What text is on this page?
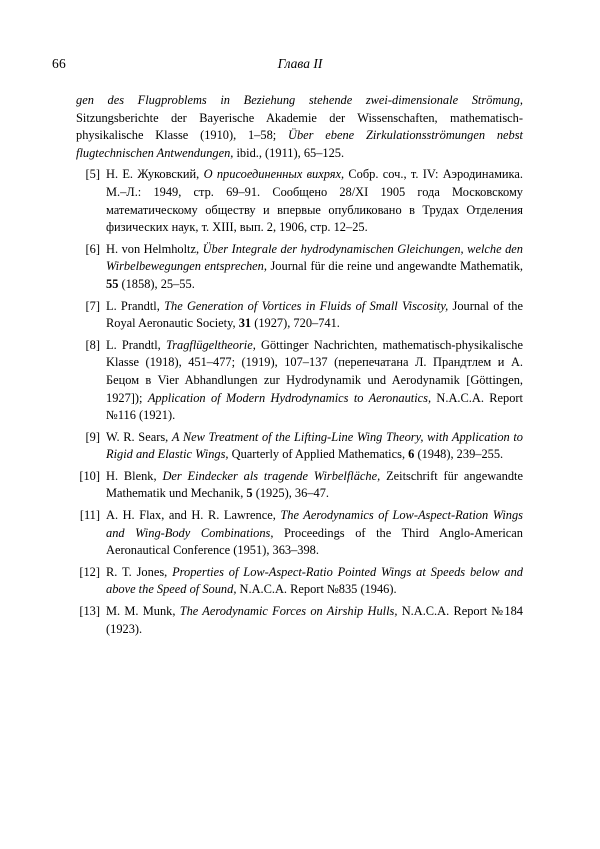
66	Глава II

gen des Flugproblems in Beziehung stehende zwei-dimensionale Strömung, Sitzungsberichte der Bayerische Akademie der Wissenschaften, mathematisch-physikalische Klasse (1910), 1–58; Über ebene Zirkulationsströmungen nebst flugtechnischen Antwendungen, ibid., (1911), 65–125.

[5] Н. Е. Жуковский, О присоединенных вихрях, Собр. соч., т. IV: Аэродинамика. М.–Л.: 1949, стр. 69–91. Сообщено 28/XI 1905 года Московскому математическому обществу и впервые опубликовано в Трудах Отделения физических наук, т. XIII, вып. 2, 1906, стр. 12–25.
[6] H. von Helmholtz, Über Integrale der hydrodynamischen Gleichungen, welche den Wirbelbewegungen entsprechen, Journal für die reine und angewandte Mathematik, 55 (1858), 25–55.
[7] L. Prandtl, The Generation of Vortices in Fluids of Small Viscosity, Journal of the Royal Aeronautic Society, 31 (1927), 720–741.
[8] L. Prandtl, Tragflügeltheorie, Göttinger Nachrichten, mathematisch-physikalische Klasse (1918), 451–477; (1919), 107–137 (перепечатана Л. Прандтлем и А. Бецом в Vier Abhandlungen zur Hydrodynamik und Aerodynamik [Göttingen, 1927]); Application of Modern Hydrodynamics to Aeronautics, N.A.C.A. Report №116 (1921).
[9] W. R. Sears, A New Treatment of the Lifting-Line Wing Theory, with Application to Rigid and Elastic Wings, Quarterly of Applied Mathematics, 6 (1948), 239–255.
[10] H. Blenk, Der Eindecker als tragende Wirbelfläche, Zeitschrift für angewandte Mathematik und Mechanik, 5 (1925), 36–47.
[11] A. H. Flax, and H. R. Lawrence, The Aerodynamics of Low-Aspect-Ration Wings and Wing-Body Combinations, Proceedings of the Third Anglo-American Aeronautical Conference (1951), 363–398.
[12] R. T. Jones, Properties of Low-Aspect-Ratio Pointed Wings at Speeds below and above the Speed of Sound, N.A.C.A. Report №835 (1946).
[13] M. M. Munk, The Aerodynamic Forces on Airship Hulls, N.A.C.A. Report №184 (1923).
